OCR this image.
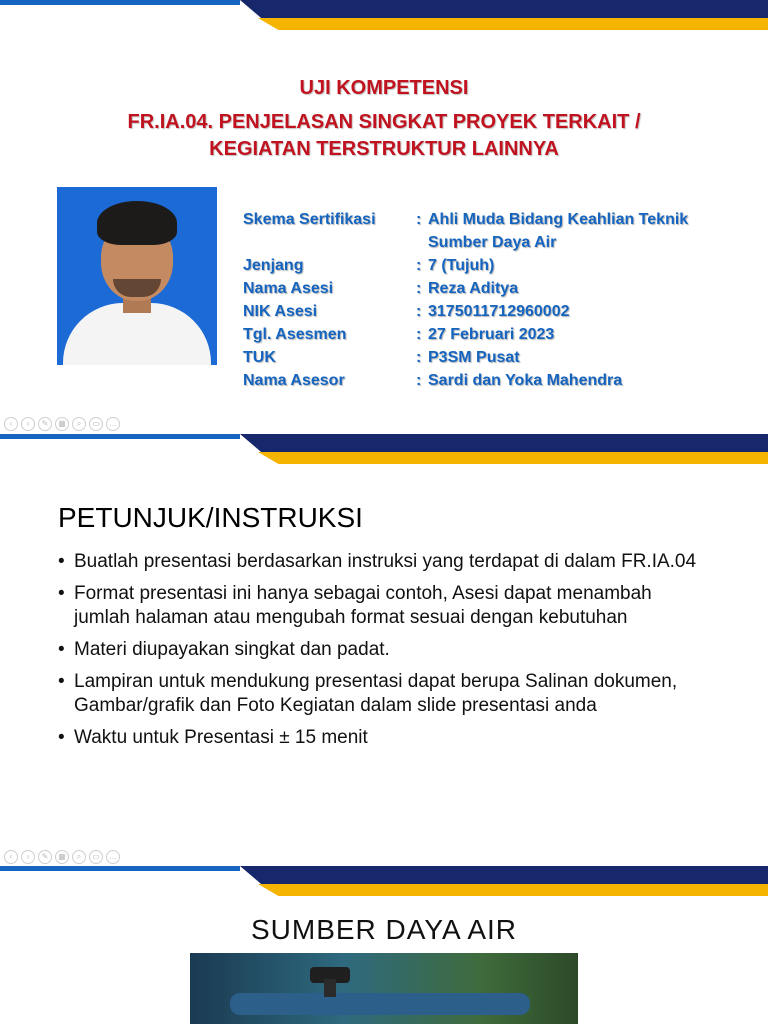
UJI KOMPETENSI
FR.IA.04. PENJELASAN SINGKAT PROYEK TERKAIT /
KEGIATAN TERSTRUKTUR LAINNYA
Skema Sertifikasi	: Ahli Muda Bidang Keahlian Teknik Sumber Daya Air
Jenjang	: 7 (Tujuh)
Nama Asesi	: Reza Aditya
NIK Asesi	: 3175011712960002
Tgl. Asesmen	: 27 Februari 2023
TUK	: P3SM Pusat
Nama Asesor	: Sardi dan Yoka Mahendra
‹	›	✎	▦	⌕	▭	…
PETUNJUK/INSTRUKSI
• Buatlah presentasi berdasarkan instruksi yang terdapat di dalam FR.IA.04
• Format presentasi ini hanya sebagai contoh, Asesi dapat menambah jumlah halaman atau mengubah format sesuai dengan kebutuhan
• Materi diupayakan singkat dan padat.
• Lampiran untuk mendukung presentasi dapat berupa Salinan dokumen, Gambar/grafik dan Foto Kegiatan dalam slide presentasi anda
• Waktu untuk Presentasi ± 15 menit
‹	›	✎	▦	⌕	▭	…
SUMBER DAYA AIR
